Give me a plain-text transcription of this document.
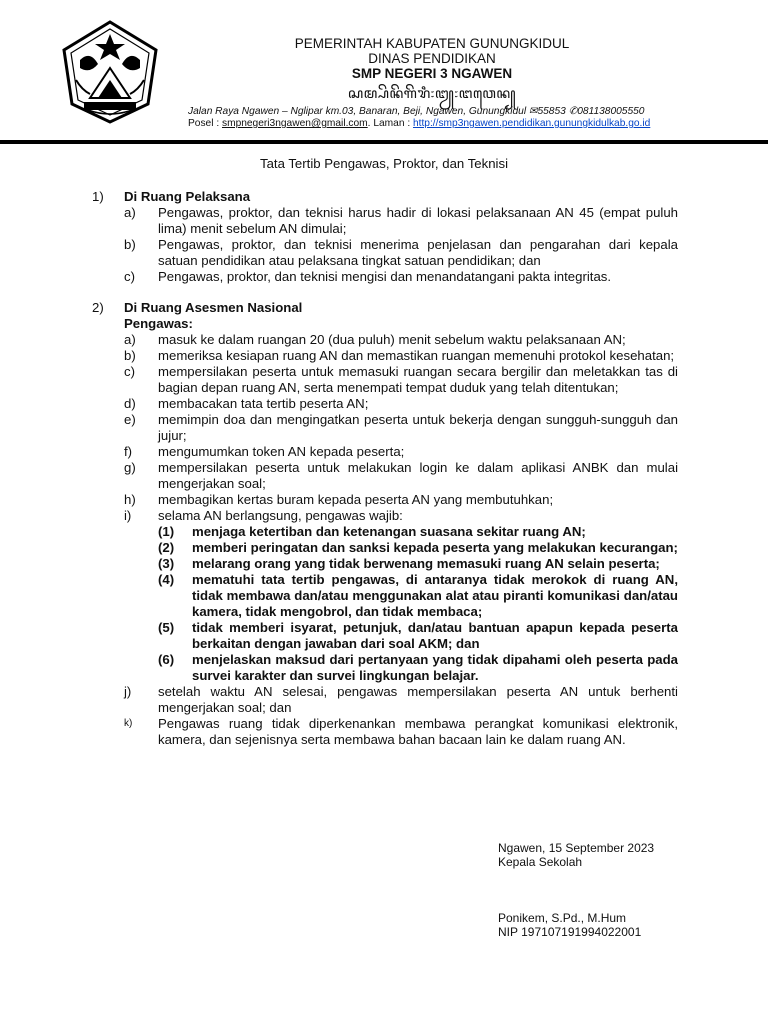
PEMERINTAH KABUPATEN GUNUNGKIDUL
DINAS PENDIDIKAN
SMP NEGERI 3 NGAWEN
ꦱꦩ꧀ꦥꦼꦤꦼꦒꦼꦫꦶ꧇꧓꧇ꦔꦮꦺꦤ꧀
Jalan Raya Ngawen – Nglipar km.03, Banaran, Beji, Ngawen, Gunungkidul ✉55853 ✆081138005550
Posel : smpnegeri3ngawen@gmail.com. Laman : http://smp3ngawen.pendidikan.gunungkidulkab.go.id
Tata Tertib Pengawas, Proktor, dan Teknisi
1) Di Ruang Pelaksana
a) Pengawas, proktor, dan teknisi harus hadir di lokasi pelaksanaan AN 45 (empat puluh lima) menit sebelum AN dimulai;
b) Pengawas, proktor, dan teknisi menerima penjelasan dan pengarahan dari kepala satuan pendidikan atau pelaksana tingkat satuan pendidikan; dan
c) Pengawas, proktor, dan teknisi mengisi dan menandatangani pakta integritas.
2) Di Ruang Asesmen Nasional
Pengawas:
a) masuk ke dalam ruangan 20 (dua puluh) menit sebelum waktu pelaksanaan AN;
b) memeriksa kesiapan ruang AN dan memastikan ruangan memenuhi protokol kesehatan;
c) mempersilakan peserta untuk memasuki ruangan secara bergilir dan meletakkan tas di bagian depan ruang AN, serta menempati tempat duduk yang telah ditentukan;
d) membacakan tata tertib peserta AN;
e) memimpin doa dan mengingatkan peserta untuk bekerja dengan sungguh-sungguh dan jujur;
f) mengumumkan token AN kepada peserta;
g) mempersilakan peserta untuk melakukan login ke dalam aplikasi ANBK dan mulai mengerjakan soal;
h) membagikan kertas buram kepada peserta AN yang membutuhkan;
i) selama AN berlangsung, pengawas wajib:
(1) menjaga ketertiban dan ketenangan suasana sekitar ruang AN;
(2) memberi peringatan dan sanksi kepada peserta yang melakukan kecurangan;
(3) melarang orang yang tidak berwenang memasuki ruang AN selain peserta;
(4) mematuhi tata tertib pengawas, di antaranya tidak merokok di ruang AN, tidak membawa dan/atau menggunakan alat atau piranti komunikasi dan/atau kamera, tidak mengobrol, dan tidak membaca;
(5) tidak memberi isyarat, petunjuk, dan/atau bantuan apapun kepada peserta berkaitan dengan jawaban dari soal AKM; dan
(6) menjelaskan maksud dari pertanyaan yang tidak dipahami oleh peserta pada survei karakter dan survei lingkungan belajar.
j) setelah waktu AN selesai, pengawas mempersilakan peserta AN untuk berhenti mengerjakan soal; dan
k) Pengawas ruang tidak diperkenankan membawa perangkat komunikasi elektronik, kamera, dan sejenisnya serta membawa bahan bacaan lain ke dalam ruang AN.
Ngawen, 15 September 2023
Kepala Sekolah
Ponikem, S.Pd., M.Hum
NIP 197107191994022001
